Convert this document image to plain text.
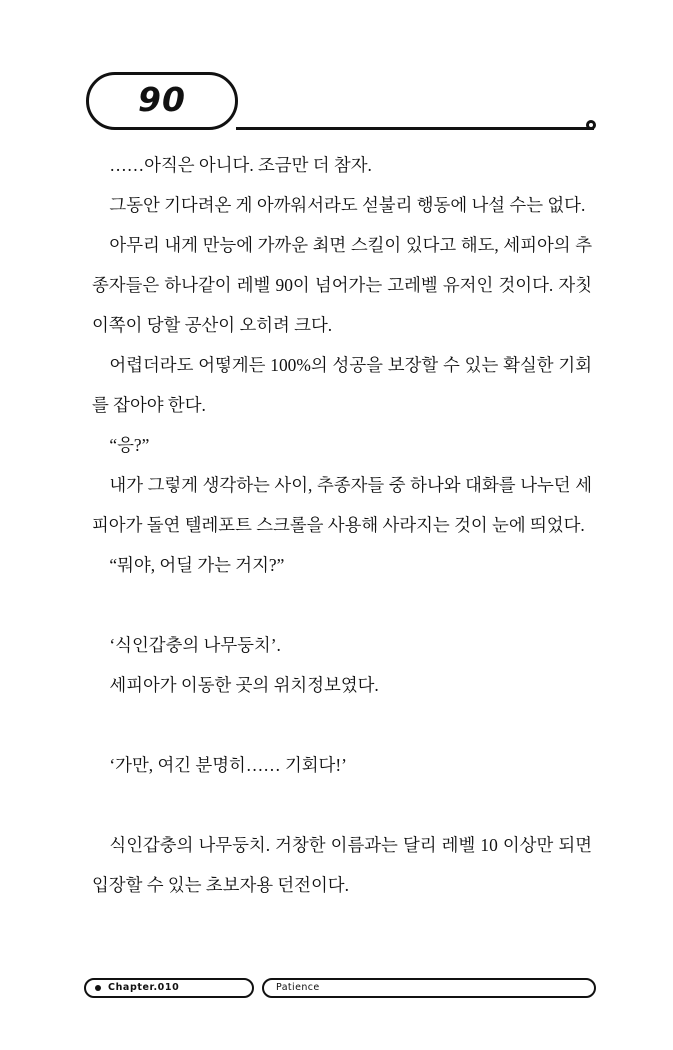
90

……아직은 아니다. 조금만 더 참자.

그동안 기다려온 게 아까워서라도 섣불리 행동에 나설 수는 없다.

아무리 내게 만능에 가까운 최면 스킬이 있다고 해도, 세피아의 추종자들은 하나같이 레벨 90이 넘어가는 고레벨 유저인 것이다. 자칫 이쪽이 당할 공산이 오히려 크다.

어렵더라도 어떻게든 100%의 성공을 보장할 수 있는 확실한 기회를 잡아야 한다.

“응?”

내가 그렇게 생각하는 사이, 추종자들 중 하나와 대화를 나누던 세피아가 돌연 텔레포트 스크롤을 사용해 사라지는 것이 눈에 띄었다.

“뭐야, 어딜 가는 거지?”

‘식인갑충의 나무둥치’.

세피아가 이동한 곳의 위치정보였다.

‘가만, 여긴 분명히…… 기회다!’

식인갑충의 나무둥치. 거창한 이름과는 달리 레벨 10 이상만 되면 입장할 수 있는 초보자용 던전이다.

Chapter.010	Patience
